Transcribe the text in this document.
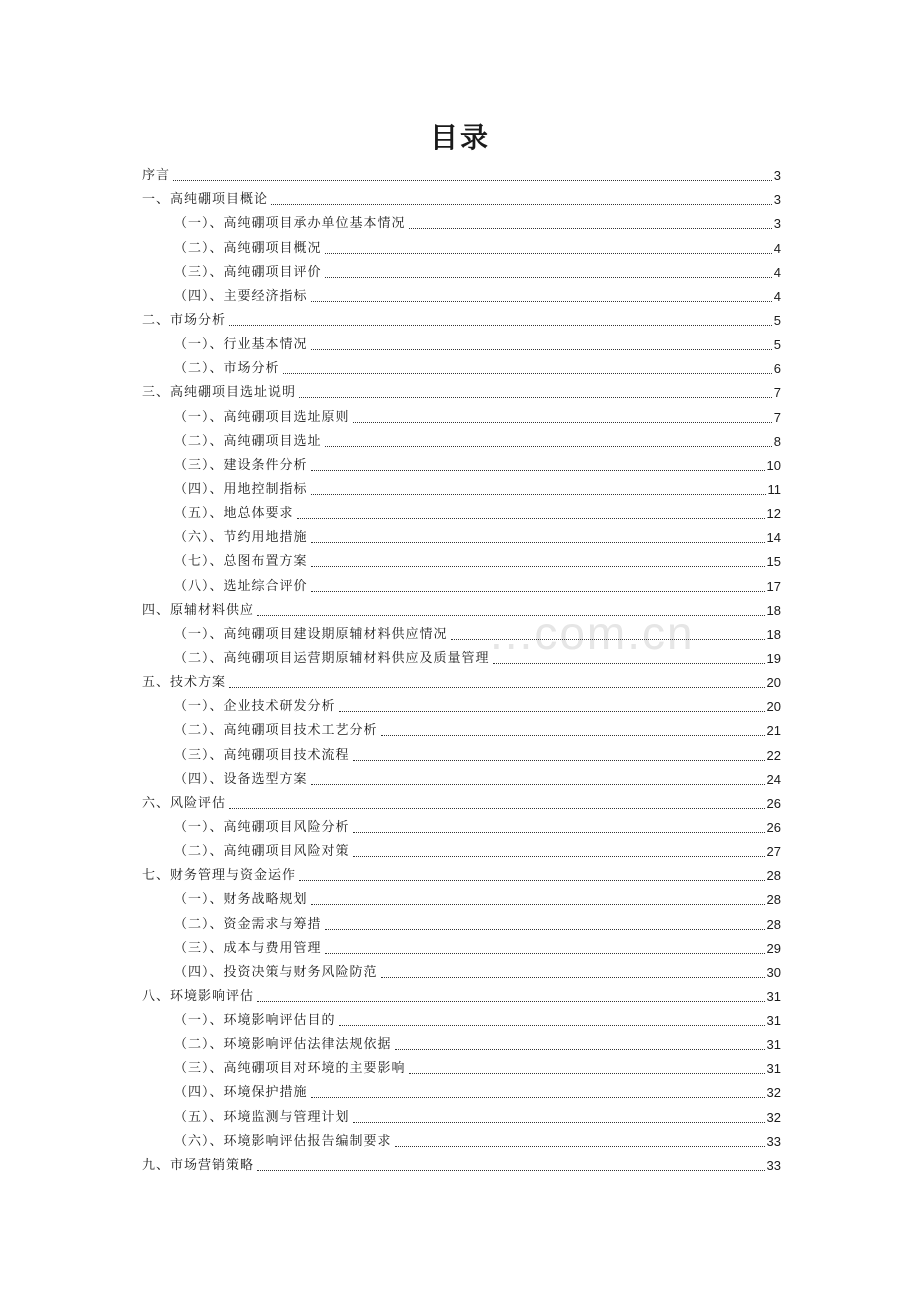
目录
...com.cn
序言	3
一、高纯硼项目概论	3
（一）、高纯硼项目承办单位基本情况	3
（二）、高纯硼项目概况	4
（三）、高纯硼项目评价	4
（四）、主要经济指标	4
二、市场分析	5
（一）、行业基本情况	5
（二）、市场分析	6
三、高纯硼项目选址说明	7
（一）、高纯硼项目选址原则	7
（二）、高纯硼项目选址	8
（三）、建设条件分析	10
（四）、用地控制指标	11
（五）、地总体要求	12
（六）、节约用地措施	14
（七）、总图布置方案	15
（八）、选址综合评价	17
四、原辅材料供应	18
（一）、高纯硼项目建设期原辅材料供应情况	18
（二）、高纯硼项目运营期原辅材料供应及质量管理	19
五、技术方案	20
（一）、企业技术研发分析	20
（二）、高纯硼项目技术工艺分析	21
（三）、高纯硼项目技术流程	22
（四）、设备选型方案	24
六、风险评估	26
（一）、高纯硼项目风险分析	26
（二）、高纯硼项目风险对策	27
七、财务管理与资金运作	28
（一）、财务战略规划	28
（二）、资金需求与筹措	28
（三）、成本与费用管理	29
（四）、投资决策与财务风险防范	30
八、环境影响评估	31
（一）、环境影响评估目的	31
（二）、环境影响评估法律法规依据	31
（三）、高纯硼项目对环境的主要影响	31
（四）、环境保护措施	32
（五）、环境监测与管理计划	32
（六）、环境影响评估报告编制要求	33
九、市场营销策略	33
